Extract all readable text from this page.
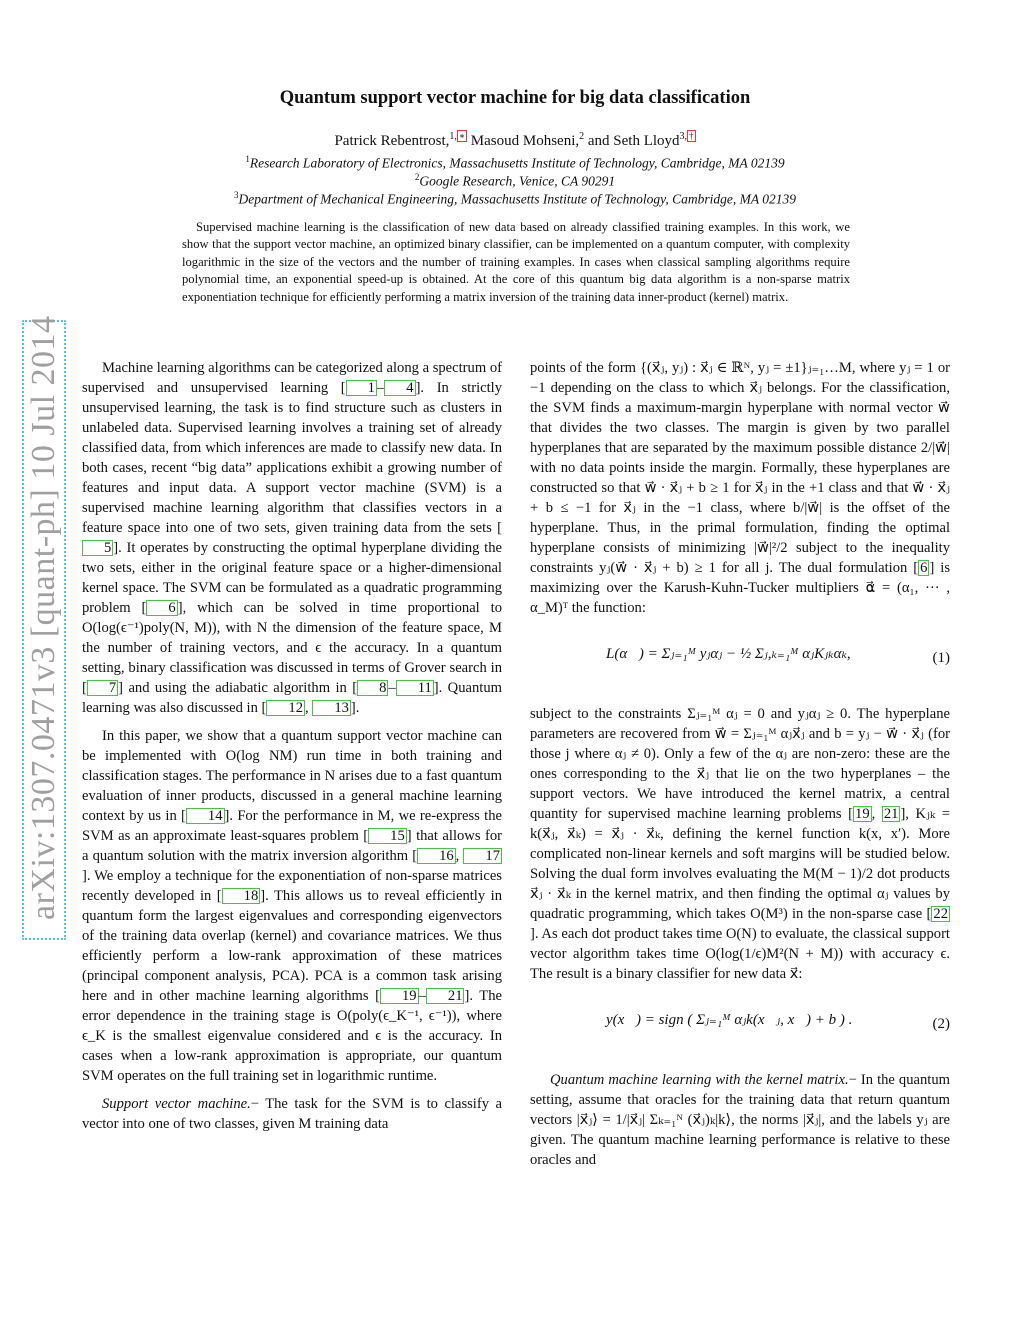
arXiv:1307.0471v3 [quant-ph] 10 Jul 2014
Quantum support vector machine for big data classification
Patrick Rebentrost,$^{1,}$ ∗ Masoud Mohseni,$^2$ and Seth Lloyd$^{3,}$ †
$^1$Research Laboratory of Electronics, Massachusetts Institute of Technology, Cambridge, MA 02139
$^2$Google Research, Venice, CA 90291
$^3$Department of Mechanical Engineering, Massachusetts Institute of Technology, Cambridge, MA 02139
Supervised machine learning is the classification of new data based on already classified training examples. In this work, we show that the support vector machine, an optimized binary classifier, can be implemented on a quantum computer, with complexity logarithmic in the size of the vectors and the number of training examples. In cases when classical sampling algorithms require polynomial time, an exponential speed-up is obtained. At the core of this quantum big data algorithm is a non-sparse matrix exponentiation technique for efficiently performing a matrix inversion of the training data inner-product (kernel) matrix.

Machine learning algorithms can be categorized along a spectrum of supervised and unsupervised learning [ 1 – 4 ]. In strictly unsupervised learning, the task is to find structure such as clusters in unlabeled data. Supervised learning involves a training set of already classified data, from which inferences are made to classify new data. In both cases, recent “big data” applications exhibit a growing number of features and input data. A support vector machine (SVM) is a supervised machine learning algorithm that classifies vectors in a feature space into one of two sets, given training data from the sets [5 ]. It operates by constructing the optimal hyperplane dividing the two sets, either in the original feature space or a higher-dimensional kernel space. The SVM can be formulated as a quadratic programming problem [ 6 ], which can be solved in time proportional to O(log(ϵ⁻¹)poly(N, M)), with N the dimension of the feature space, M the number of training vectors, and ϵ the accuracy. In a quantum setting, binary classification was discussed in terms of Grover search in [ 7 ] and using the adiabatic algorithm in [ 8 – 11 ]. Quantum learning was also discussed in [ 12 , 13 ].

In this paper, we show that a quantum support vector machine can be implemented with O(log NM) run time in both training and classification stages. The performance in N arises due to a fast quantum evaluation of inner products, discussed in a general machine learning context by us in [ 14 ]. For the performance in M, we re-express the SVM as an approximate least-squares problem [ 15 ] that allows for a quantum solution with the matrix inversion algorithm [ 16 , 17]. We employ a technique for the exponentiation of non-sparse matrices recently developed in [ 18 ]. This allows us to reveal efficiently in quantum form the largest eigenvalues and corresponding eigenvectors of the training data overlap (kernel) and covariance matrices. We thus efficiently perform a low-rank approximation of these matrices (principal component analysis, PCA). PCA is a common task arising here and in other machine learning algorithms [ 19 – 21 ]. The error dependence in the training stage is O(poly(ϵ_K⁻¹, ϵ⁻¹)), where ϵ_K is the smallest eigenvalue considered and ϵ is the accuracy. In cases when a low-rank approximation is appropriate, our quantum SVM operates on the full training set in logarithmic runtime.

Support vector machine.− The task for the SVM is to classify a vector into one of two classes, given M training data

points of the form {(x⃗ⱼ, yⱼ) : x⃗ⱼ ∈ ℝᴺ, yⱼ = ±1}ⱼ₌₁…M, where yⱼ = 1 or −1 depending on the class to which x⃗ⱼ belongs. For the classification, the SVM finds a maximum-margin hyperplane with normal vector w⃗ that divides the two classes. The margin is given by two parallel hyperplanes that are separated by the maximum possible distance 2/|w⃗| with no data points inside the margin. Formally, these hyperplanes are constructed so that w⃗ · x⃗ⱼ + b ≥ 1 for x⃗ⱼ in the +1 class and that w⃗ · x⃗ⱼ + b ≤ −1 for x⃗ⱼ in the −1 class, where b/|w⃗| is the offset of the hyperplane. Thus, in the primal formulation, finding the optimal hyperplane consists of minimizing |w⃗|²/2 subject to the inequality constraints yⱼ(w⃗ · x⃗ⱼ + b) ≥ 1 for all j. The dual formulation [ 6 ] is maximizing over the Karush-Kuhn-Tucker multipliers α⃗ = (α₁, ··· , α_M)ᵀ the function:

L(α⃗) = Σⱼ₌₁ᴹ yⱼαⱼ − ½ Σⱼ,ₖ₌₁ᴹ αⱼKⱼₖαₖ,	(1)

subject to the constraints Σⱼ₌₁ᴹ αⱼ = 0 and yⱼαⱼ ≥ 0. The hyperplane parameters are recovered from w⃗ = Σⱼ₌₁ᴹ αⱼx⃗ⱼ and b = yⱼ − w⃗ · x⃗ⱼ (for those j where αⱼ ≠ 0). Only a few of the αⱼ are non-zero: these are the ones corresponding to the x⃗ⱼ that lie on the two hyperplanes – the support vectors. We have introduced the kernel matrix, a central quantity for supervised machine learning problems [ 19 , 21 ], Kⱼₖ = k(x⃗ⱼ, x⃗ₖ) = x⃗ⱼ · x⃗ₖ, defining the kernel function k(x, x′). More complicated non-linear kernels and soft margins will be studied below. Solving the dual form involves evaluating the M(M − 1)/2 dot products x⃗ⱼ · x⃗ₖ in the kernel matrix, and then finding the optimal αⱼ values by quadratic programming, which takes O(M³) in the non-sparse case [ 22]. As each dot product takes time O(N) to evaluate, the classical support vector algorithm takes time O(log(1/ϵ)M²(N + M)) with accuracy ϵ. The result is a binary classifier for new data x⃗:

y(x⃗) = sign ( Σⱼ₌₁ᴹ αⱼk(x⃗ⱼ, x⃗) + b ) .	(2)

Quantum machine learning with the kernel matrix.− In the quantum setting, assume that oracles for the training data that return quantum vectors |x⃗ⱼ⟩ = 1/|x⃗ⱼ| Σₖ₌₁ᴺ (x⃗ⱼ)ₖ|k⟩, the norms |x⃗ⱼ|, and the labels yⱼ are given. The quantum machine learning performance is relative to these oracles and
